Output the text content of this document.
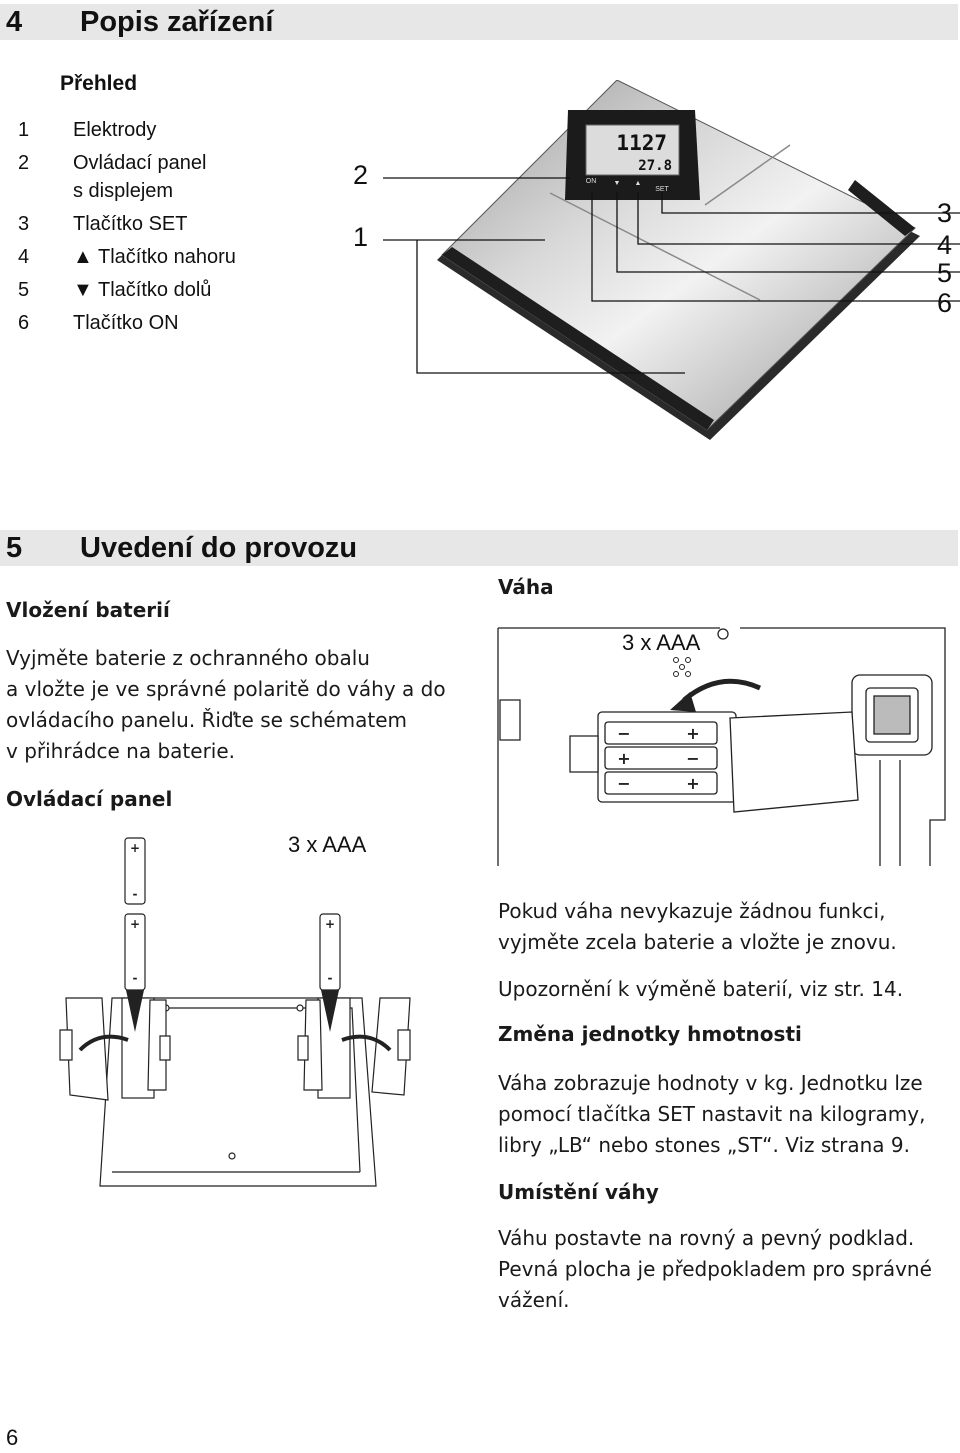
4 Popis zařízení
Přehled
1	Elektrody
2	Ovládací panel
s displejem
3	Tlačítko SET
4	▲ Tlačítko nahoru
5	▼ Tlačítko dolů
6	Tlačítko ON
1127
27.8
ON ▼ ▲
SET
2
1
3
4
5
6
5 Uvedení do provozu
Vložení baterií
Vyjměte baterie z ochranného obalu
a vložte je ve správné polaritě do váhy a do
ovládacího panelu. Řiďte se schématem
v přihrádce na baterie.
Ovládací panel
3 x AAA
+
-
+
-
+
-
Váha
−	+
+	−
−	+
3 x AAA
Pokud váha nevykazuje žádnou funkci,
vyjměte zcela baterie a vložte je znovu.
Upozornění k výměně baterií, viz str. 14.
Změna jednotky hmotnosti
Váha zobrazuje hodnoty v kg. Jednotku lze
pomocí tlačítka SET nastavit na kilogramy,
libry „LB“ nebo stones „ST“. Viz strana 9.
Umístění váhy
Váhu postavte na rovný a pevný podklad.
Pevná plocha je předpokladem pro správné
vážení.
6
